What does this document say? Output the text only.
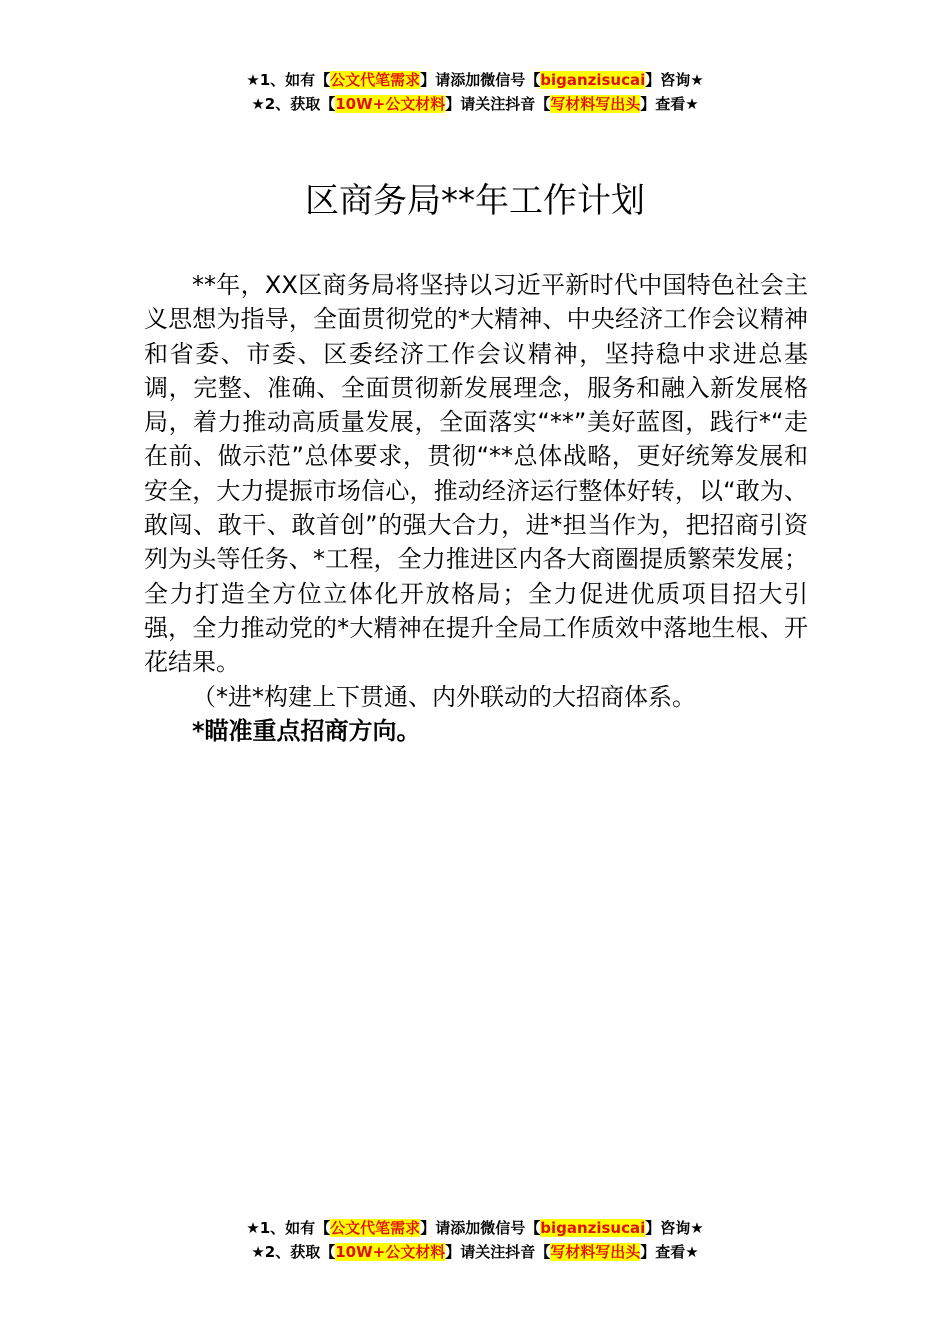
★1、如有【公文代笔需求】请添加微信号【biganzisucai】咨询★
★2、获取【10W+公文材料】请关注抖音【写材料写出头】查看★
区商务局**年工作计划

**年，XX区商务局将坚持以习近平新时代中国特色社会主义思想为指导，全面贯彻党的*大精神、中央经济工作会议精神和省委、市委、区委经济工作会议精神，坚持稳中求进总基调，完整、准确、全面贯彻新发展理念，服务和融入新发展格局，着力推动高质量发展，全面落实“**”美好蓝图，践行*“走在前、做示范”总体要求，贯彻“**总体战略，更好统筹发展和安全，大力提振市场信心，推动经济运行整体好转，以“敢为、敢闯、敢干、敢首创”的强大合力，进*担当作为，把招商引资列为头等任务、*工程，全力推进区内各大商圈提质繁荣发展；全力打造全方位立体化开放格局；全力促进优质项目招大引强，全力推动党的*大精神在提升全局工作质效中落地生根、开花结果。

（*进*构建上下贯通、内外联动的大招商体系。

*瞄准重点招商方向。

★1、如有【公文代笔需求】请添加微信号【biganzisucai】咨询★
★2、获取【10W+公文材料】请关注抖音【写材料写出头】查看★
